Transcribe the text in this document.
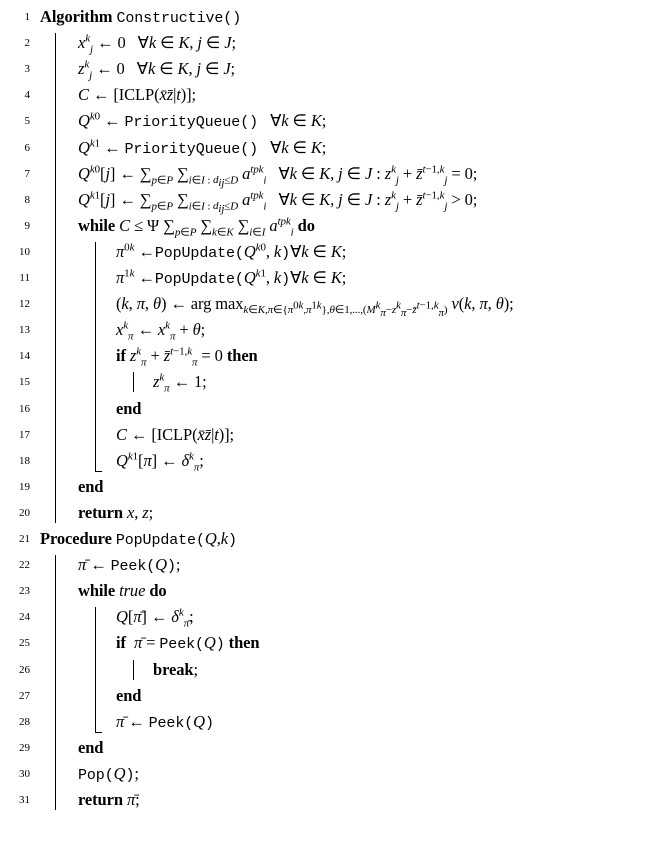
1 Algorithm Constructive()
2	$x^k_j$ ← 0   ∀k ∈ K, j ∈ J;
3	$z^k_j$ ← 0   ∀k ∈ K, j ∈ J;
4	C ← [ICLP(x̄z̄|t)];
5	$Q^{k0}$ ← PriorityQueue()   ∀k ∈ K;
6	$Q^{k1}$ ← PriorityQueue()   ∀k ∈ K;
7	$Q^{k0}[j]$ ← $\sum_{p\in P}$ $\sum_{i\in I : d_{ij}\le D}$ $a^{tpk}_i$   ∀k ∈ K, j ∈ J : $z^k_j$ + z̄$^{t-1,k}_j$ = 0;
8	$Q^{k1}[j]$ ← $\sum_{p\in P}$ $\sum_{i\in I : d_{ij}\le D}$ $a^{tpk}_i$   ∀k ∈ K, j ∈ J : $z^k_j$ + z̄$^{t-1,k}_j$ > 0;
9	while C ≤ Ψ $\sum_{p\in P}$ $\sum_{k\in K}$ $\sum_{i\in I}$ $a^{tpk}_i$ do
10	$\pi^{0k}$ $\leftarrow PopUpdate(Q^{k0}$, k)∀k ∈ K;
11	$\pi^{1k}$ $\leftarrow PopUpdate(Q^{k1}$, k)∀k ∈ K;
12	(k, π, θ) ← arg $\max_{k\in K,\pi\in\{\pi^{0k},\pi^{1k}\},\theta\in 1,...,(M^k_\pi-z^k_\pi-z̄^{t-1,k}_\pi)} \nu(k$, π, θ);
13	$x^k_\pi$ ← $x^k_\pi + \theta$;
14	if $z^k_\pi$ + z̄$^{t-1,k}_\pi$ = 0 then
15	$z^k_\pi$ ← 1;
16	end
17	C ← [ICLP(x̄z̄|t)];
18	$Q^{k1}[\pi]$ ← $\delta^k_\pi$;
19	end
20	return x, z;
21 Procedure PopUpdate(Q,k)
22	π̄ ← Peek(Q);
23	while true do
24	Q[π̄] ← $\delta^k_{\pī}$;
25	if π̄ = Peek(Q) then
26	break;
27	end
28	π̄ ← Peek(Q)
29	end
30	Pop(Q);
31	return π̄;
